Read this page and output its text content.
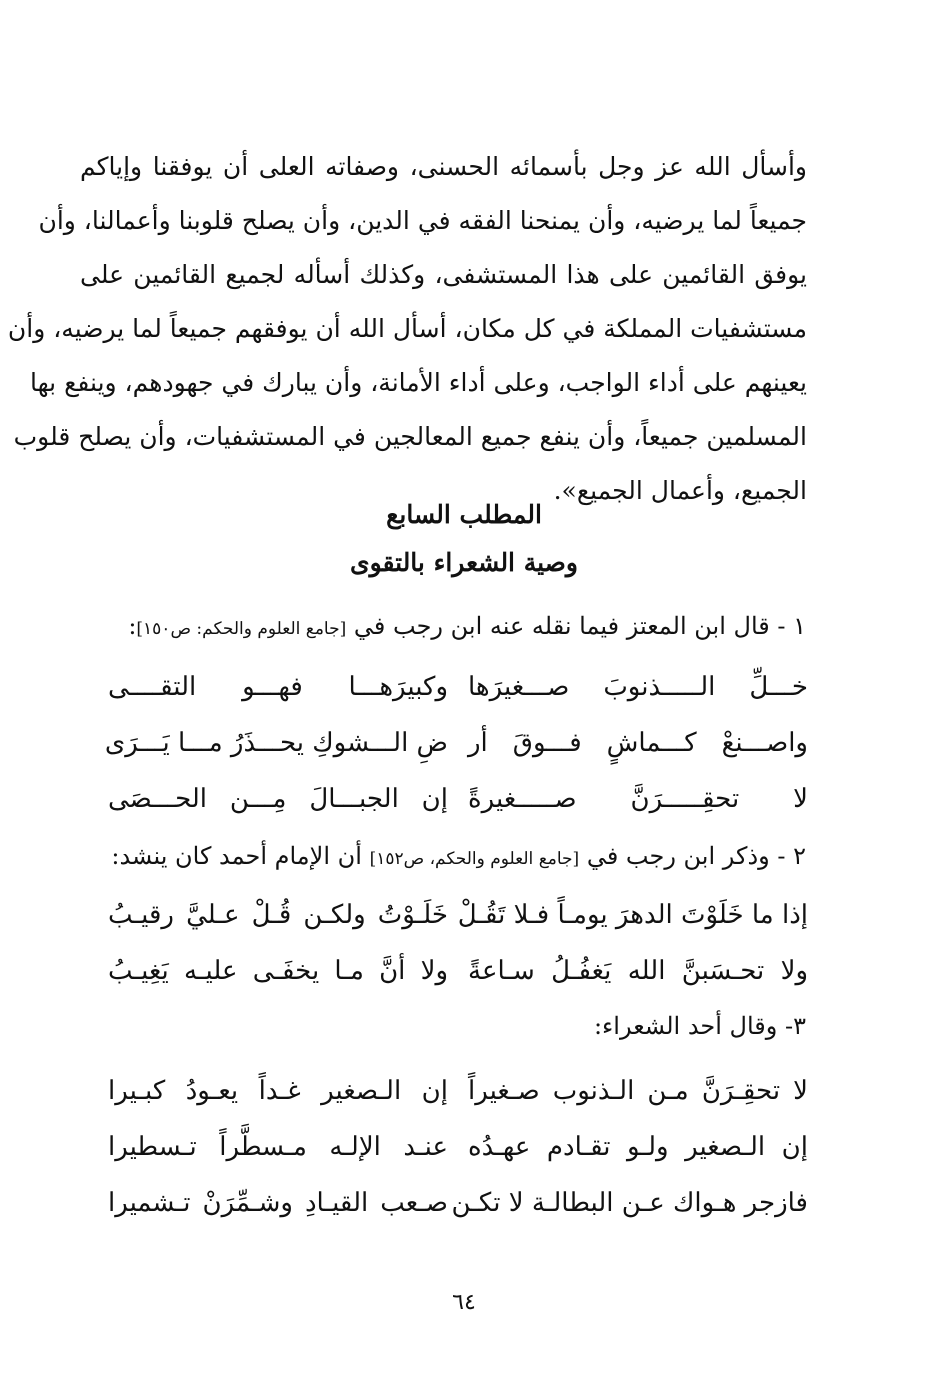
وأسأل الله عز وجل بأسمائه الحسنى، وصفاته العلى أن يوفقنا وإياكم
جميعاً لما يرضيه، وأن يمنحنا الفقه في الدين، وأن يصلح قلوبنا وأعمالنا، وأن
يوفق القائمين على هذا المستشفى، وكذلك أسأله لجميع القائمين على
مستشفيات المملكة في كل مكان، أسأل الله أن يوفقهم جميعاً لما يرضيه، وأن
يعينهم على أداء الواجب، وعلى أداء الأمانة، وأن يبارك في جهودهم، وينفع بها
المسلمين جميعاً، وأن ينفع جميع المعالجين في المستشفيات، وأن يصلح قلوب
الجميع، وأعمال الجميع».
المطلب السابع
وصية الشعراء بالتقوى
١ - قال ابن المعتز فيما نقله عنه ابن رجب في [جامع العلوم والحكم: ص١٥٠]:
خـــلِّ الـــــذنوبَ صـــغيرَها
وكبيرَهـــا فهـــو التقــــى
واصـــنعْ كـــماشٍ فـــوقَ أر
ضِ الـــشوكِ يحـــذَرُ مـــا يَـــرَى
لا تحقِـــــرَنَّ صـــــغيرةً
إن الجبـــالَ مِـــن الحـــصَى
٢ - وذكر ابن رجب في [جامع العلوم والحكم، ص١٥٢] أن الإمام أحمد كان ينشد:
إذا ما خَلَوْتَ الدهرَ يومـاً فـلا تَقُـلْ
خَلَـوْتُ ولكـن قُـلْ عـليَّ رقيـبُ
ولا تحـسَبنَّ الله يَغفُـلُ سـاعةً
ولا أنَّ مـا يخفَـى عليـه يَغِيـبُ
٣- وقال أحد الشعراء:
لا تحقِـرَنَّ مـن الـذنوب صـغيراً
إن الـصغير غـداً يعـودُ كبـيرا
إن الـصغير ولـو تقـادم عهـدُه
عنـد الإلـه مـسطَّراً تـسطيرا
فازجر هـواك عـن البطالـة لا تكـن
صـعب القيـادِ وشـمِّرَنْ تـشميرا
٦٤
